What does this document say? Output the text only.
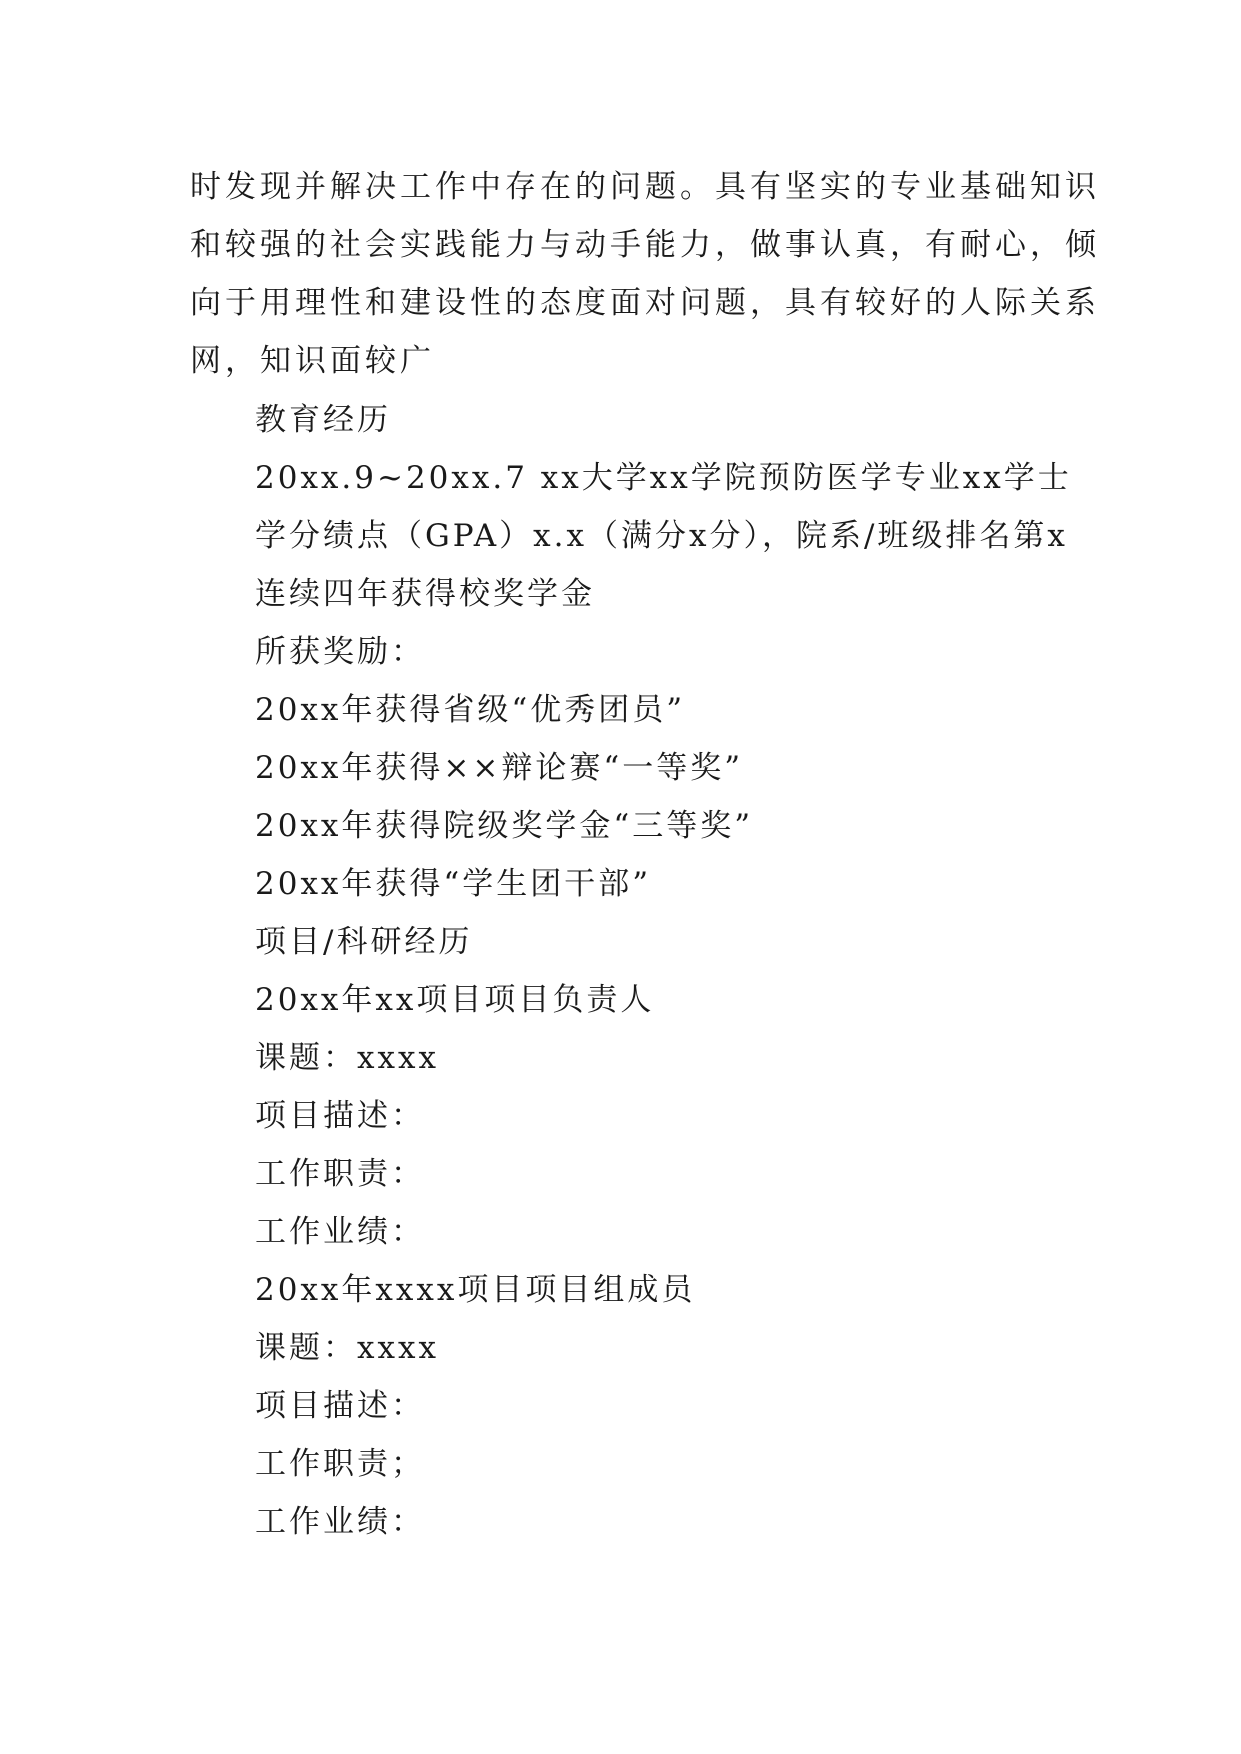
时发现并解决工作中存在的问题。具有坚实的专业基础知识
和较强的社会实践能力与动手能力，做事认真，有耐心，倾
向于用理性和建设性的态度面对问题，具有较好的人际关系
网，知识面较广
教育经历
20xx.9~20xx.7 xx大学xx学院预防医学专业xx学士
学分绩点（GPA）x.x（满分x分），院系/班级排名第x
连续四年获得校奖学金
所获奖励：
20xx年获得省级“优秀团员”
20xx年获得××辩论赛“一等奖”
20xx年获得院级奖学金“三等奖”
20xx年获得“学生团干部”
项目/科研经历
20xx年xx项目项目负责人
课题：xxxx
项目描述：
工作职责：
工作业绩：
20xx年xxxx项目项目组成员
课题：xxxx
项目描述：
工作职责；
工作业绩：
